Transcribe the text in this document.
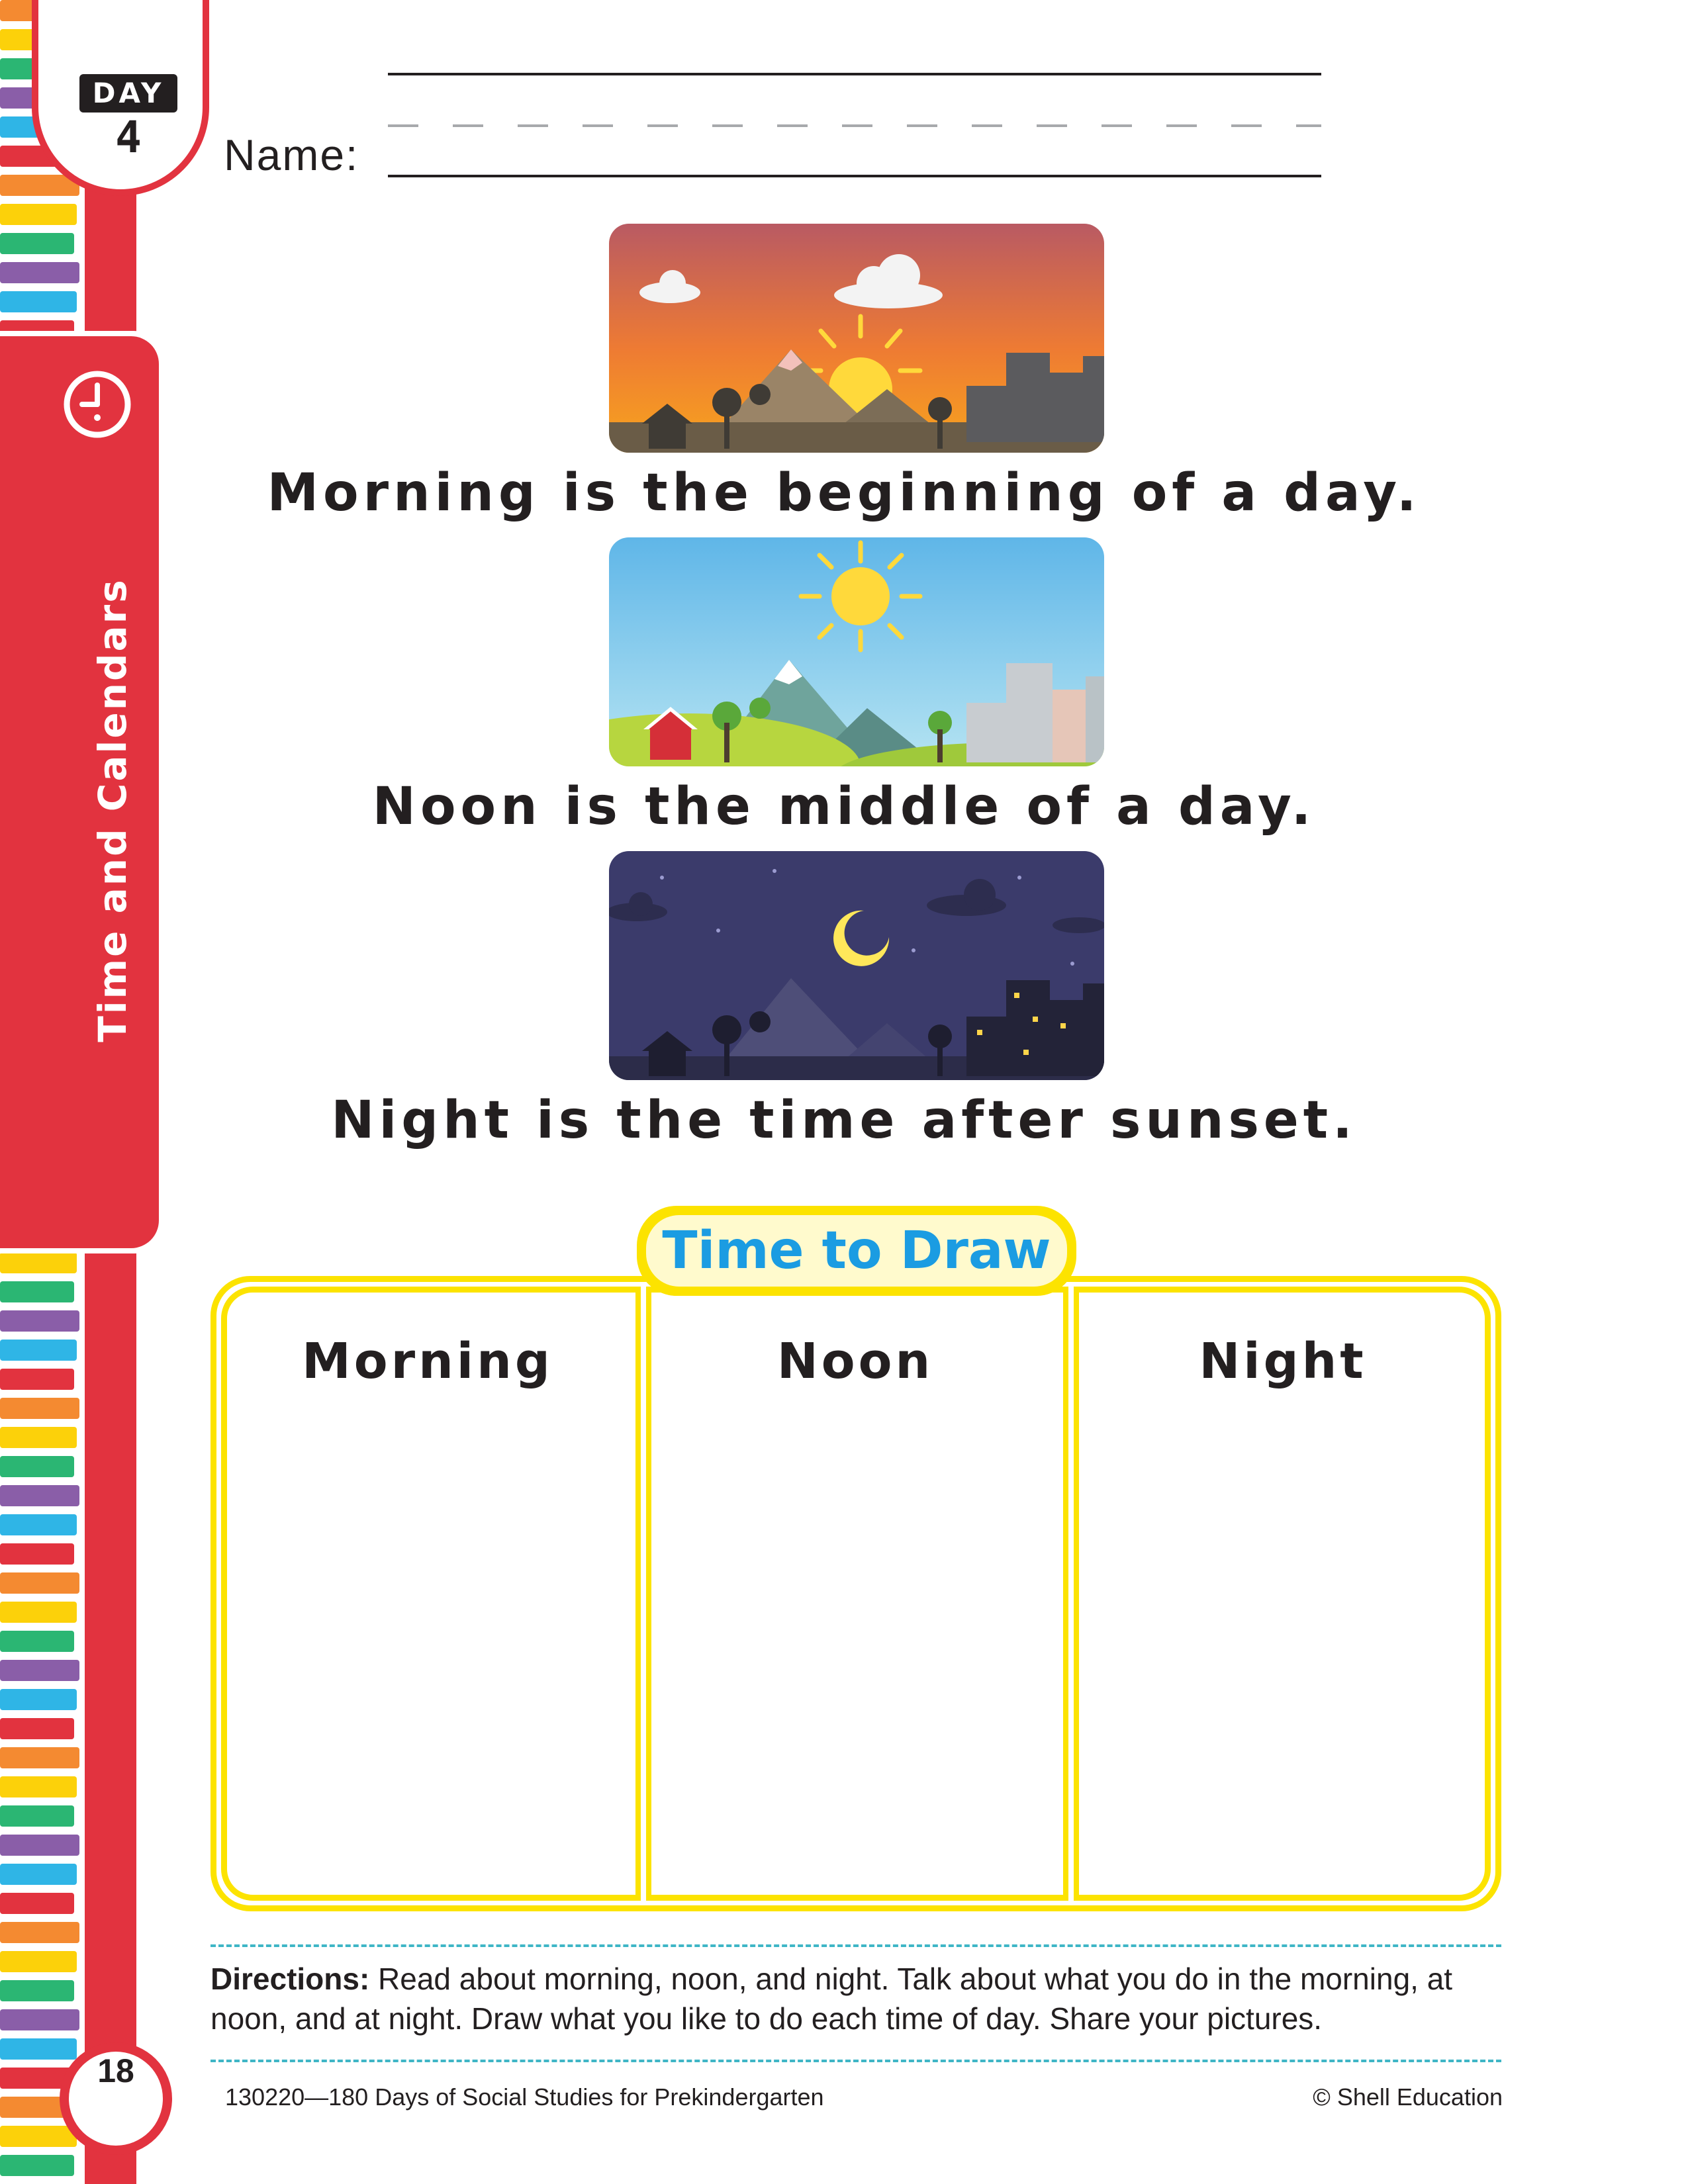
DAY
4
Time and Calendars
Name:
Morning is the beginning of a day.
Noon is the middle of a day.
Night is the time after sunset.
Morning	Noon	Night
Time to Draw
Directions: Read about morning, noon, and night. Talk about what you do in the morning, at noon, and at night. Draw what you like to do each time of day. Share your pictures.
18
130220—180 Days of Social Studies for Prekindergarten	© Shell Education
